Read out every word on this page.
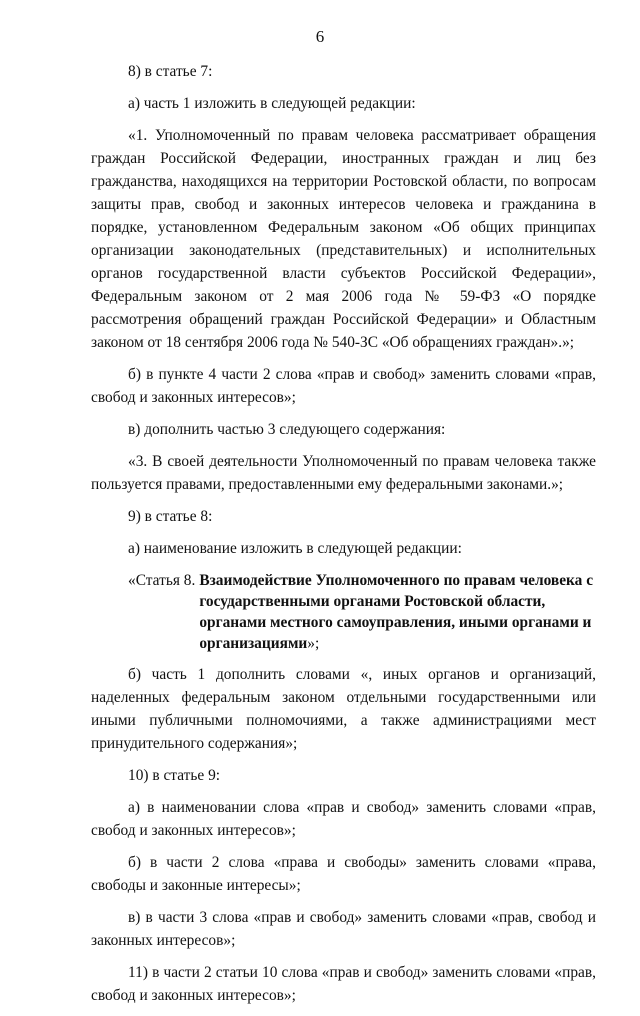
6

8) в статье 7:

а) часть 1 изложить в следующей редакции:

«1. Уполномоченный по правам человека рассматривает обращения граждан Российской Федерации, иностранных граждан и лиц без гражданства, находящихся на территории Ростовской области, по вопросам защиты прав, свобод и законных интересов человека и гражданина в порядке, установленном Федеральным законом «Об общих принципах организации законодательных (представительных) и исполнительных органов государственной власти субъектов Российской Федерации», Федеральным законом от 2 мая 2006 года № 59-ФЗ «О порядке рассмотрения обращений граждан Российской Федерации» и Областным законом от 18 сентября 2006 года № 540-ЗС «Об обращениях граждан».»;

б) в пункте 4 части 2 слова «прав и свобод» заменить словами «прав, свобод и законных интересов»;

в) дополнить частью 3 следующего содержания:

«3. В своей деятельности Уполномоченный по правам человека также пользуется правами, предоставленными ему федеральными законами.»;

9) в статье 8:

а) наименование изложить в следующей редакции:

«Статья 8. Взаимодействие Уполномоченного по правам человека с государственными органами Ростовской области, органами местного самоуправления, иными органами и организациями»;

б) часть 1 дополнить словами «, иных органов и организаций, наделенных федеральным законом отдельными государственными или иными публичными полномочиями, а также администрациями мест принудительного содержания»;

10) в статье 9:

а) в наименовании слова «прав и свобод» заменить словами «прав, свобод и законных интересов»;

б) в части 2 слова «права и свободы» заменить словами «права, свободы и законные интересы»;

в) в части 3 слова «прав и свобод» заменить словами «прав, свобод и законных интересов»;

11) в части 2 статьи 10 слова «прав и свобод» заменить словами «прав, свобод и законных интересов»;
